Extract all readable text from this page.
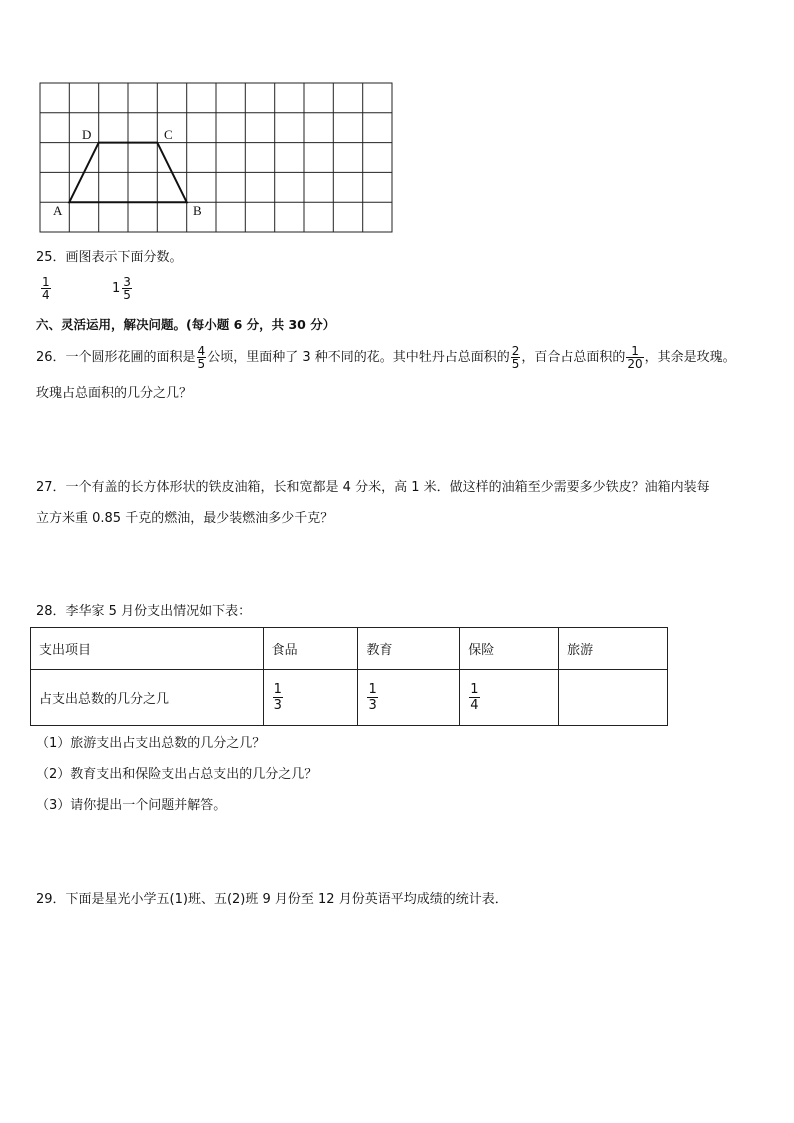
A	B
C
D
25．画图表示下面分数。
$\frac{1}{4}$	$1 \frac{3}{5}$
六、灵活运用，解决问题。(每小题 6 分，共 30 分）
26．一个圆形花圃的面积是 $\frac{4}{5}$ 公顷，里面种了 3 种不同的花。其中牡丹占总面积的 $\frac{2}{5}$ ，百合占总面积的 $\frac{1}{20}$ ，其余是玫瑰。
玫瑰占总面积的几分之几？
27．一个有盖的长方体形状的铁皮油箱，长和宽都是 4 分米，高 1 米．做这样的油箱至少需要多少铁皮？油箱内装每
立方米重 0.85 千克的燃油，最少装燃油多少千克？
28．李华家 5 月份支出情况如下表：
支出项目	食品	教育	保险	旅游
占支出总数的几分之几	$\frac{1}{3}$	$\frac{1}{3}$	$\frac{1}{4}$

（1）旅游支出占支出总数的几分之几？
（2）教育支出和保险支出占总支出的几分之几？
（3）请你提出一个问题并解答。
29．下面是星光小学五(1)班、五(2)班 9 月份至 12 月份英语平均成绩的统计表．
